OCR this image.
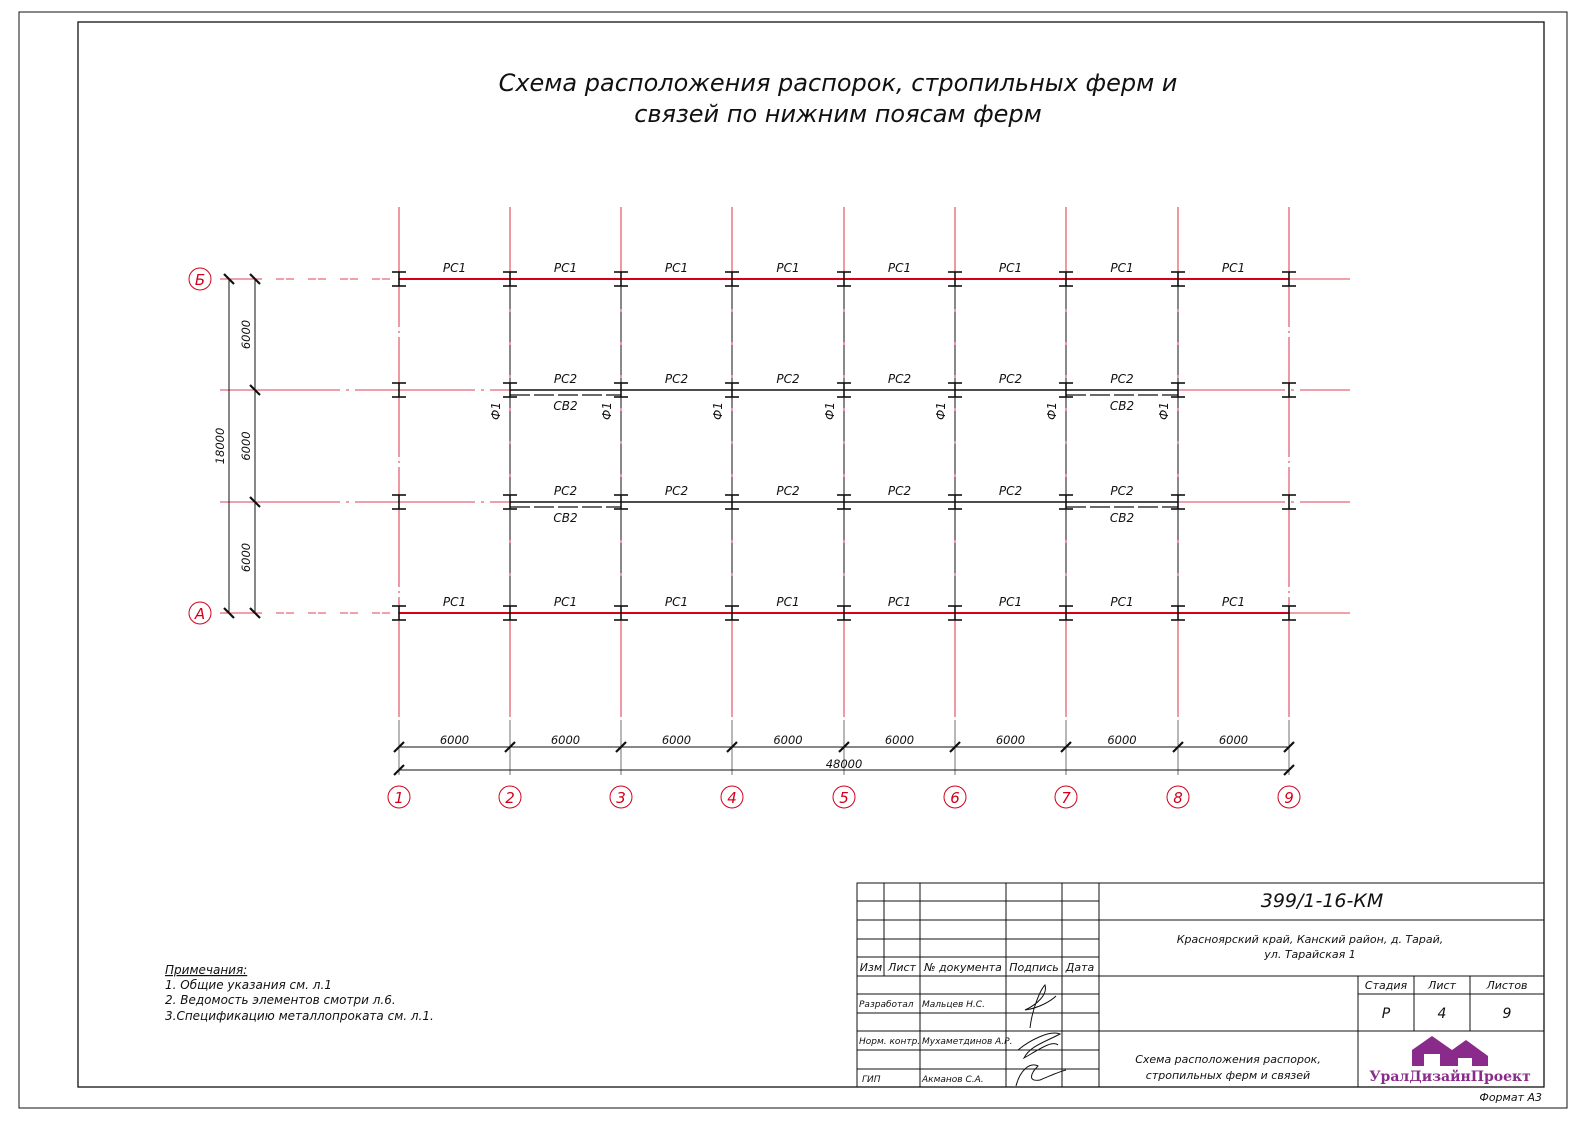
Схема расположения распорок, стропильных ферм и
связей по нижним поясам ферм
РС1
РС1
РС1
РС1
РС1
РС1
РС1
РС1
РС1
РС1
РС1
РС1
РС1
РС1
РС1
РС1
РС2
РС2
РС2
РС2
РС2
РС2
РС2
РС2
РС2
РС2
РС2
РС2
СВ2
СВ2
СВ2
СВ2
Ф1	Ф1	Ф1	Ф1	Ф1	Ф1	Ф1
6000	6000	6000	6000	6000	6000	6000	6000
48000
6000
6000
6000
18000
1	2	3	4	5	6	7	8	9
Б
А
Примечания:
1. Общие указания см. л.1
2. Ведомость элементов смотри л.6.
3.Спецификацию металлопроката см. л.1.
399/1-16-КМ
Красноярский край, Канский район, д. Тарай,
ул. Тарайская 1
Изм Лист № документа Подпись Дата
Разработал Мальцев Н.С.
Норм. контр. Мухаметдинов А.Р.
ГИП	Акманов С.А.
Стадия Лист	Листов
Р	4	9
Схема расположения распорок,
стропильных ферм и связей	УралДизайнПроект
Формат А3
